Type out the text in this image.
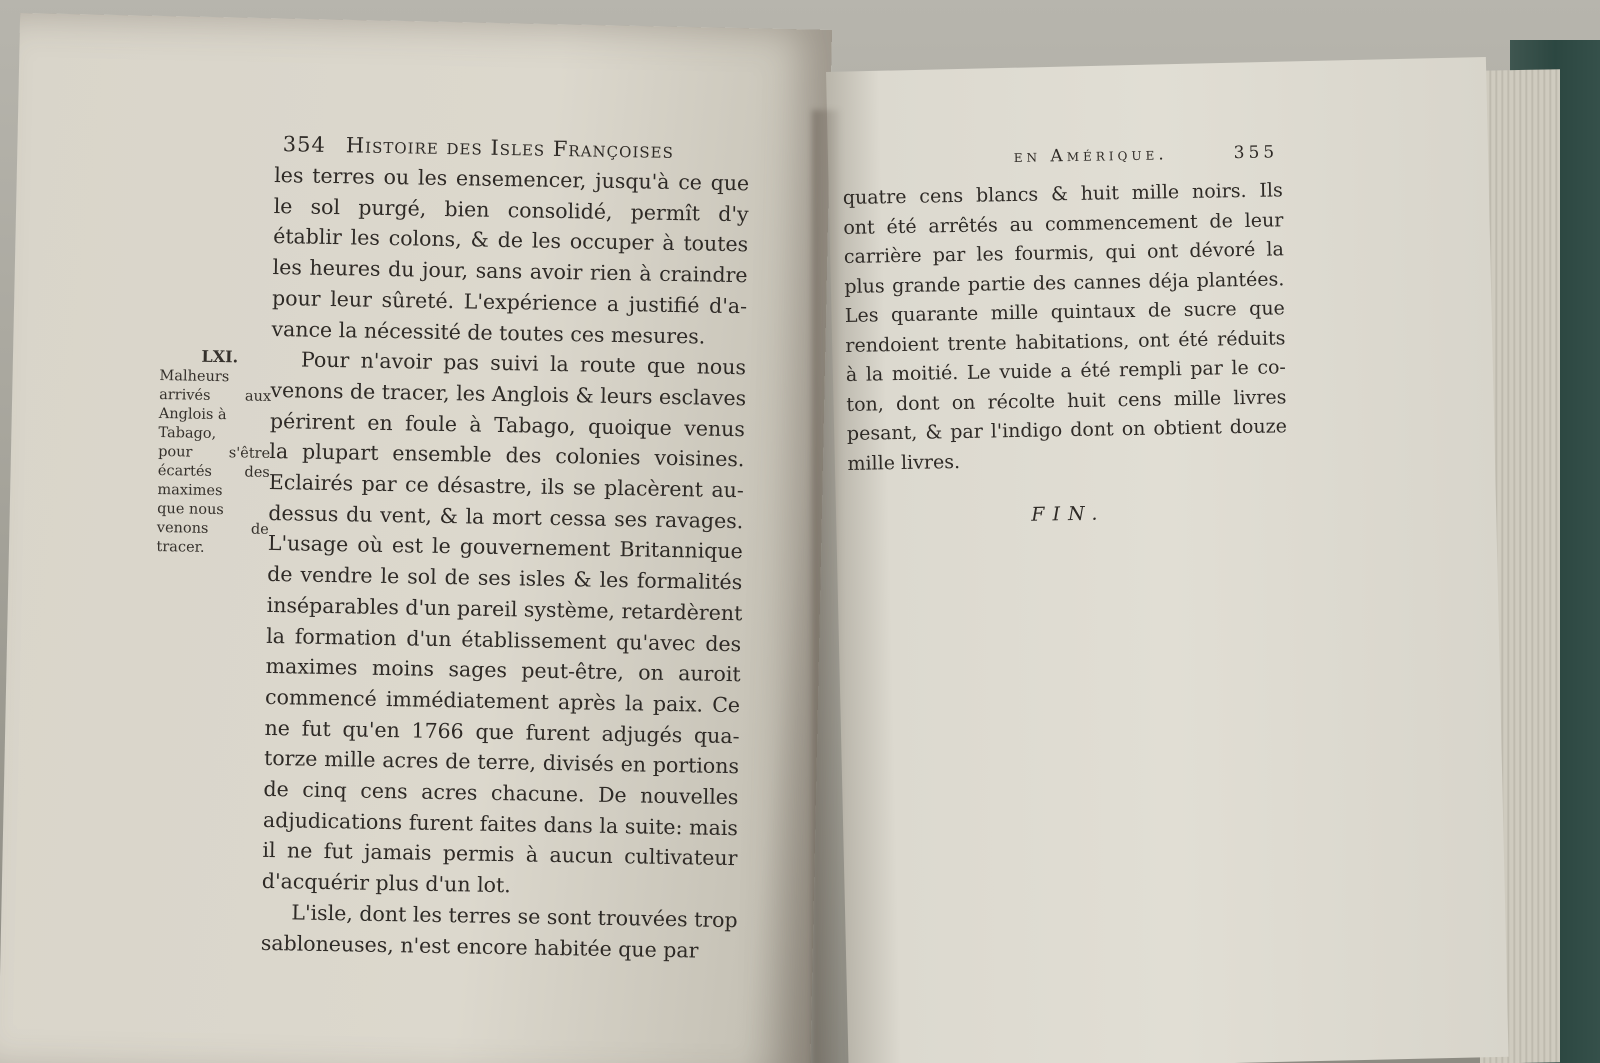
354 Histoire des Isles Françoises
les terres ou les ensemencer, jusqu'à ce que
le sol purgé, bien consolidé, permît d'y
établir les colons, & de les occuper à toutes
les heures du jour, sans avoir rien à craindre
pour leur sûreté. L'expérience a justifié d'a-
vance la nécessité de toutes ces mesures.
Pour n'avoir pas suivi la route que nous
venons de tracer, les Anglois & leurs esclaves
périrent en foule à Tabago, quoique venus
la plupart ensemble des colonies voisines.
Eclairés par ce désastre, ils se placèrent au-
dessus du vent, & la mort cessa ses ravages.
L'usage où est le gouvernement Britannique
de vendre le sol de ses isles & les formalités
inséparables d'un pareil système, retardèrent
la formation d'un établissement qu'avec des
maximes moins sages peut-être, on auroit
commencé immédiatement après la paix. Ce
ne fut qu'en 1766 que furent adjugés qua-
torze mille acres de terre, divisés en portions
de cinq cens acres chacune. De nouvelles
adjudications furent faites dans la suite: mais
il ne fut jamais permis à aucun cultivateur
d'acquérir plus d'un lot.
L'isle, dont les terres se sont trouvées trop
sabloneuses, n'est encore habitée que par
LXI.
Malheurs
arrivés aux
Anglois à
Tabago,
pour s'être
écartés des
maximes
que nous
venons de
tracer.
en Amérique.	355
quatre cens blancs & huit mille noirs. Ils
ont été arrêtés au commencement de leur
carrière par les fourmis, qui ont dévoré la
plus grande partie des cannes déja plantées.
Les quarante mille quintaux de sucre que
rendoient trente habitations, ont été réduits
à la moitié. Le vuide a été rempli par le co-
ton, dont on récolte huit cens mille livres
pesant, & par l'indigo dont on obtient douze
mille livres.
FIN.
